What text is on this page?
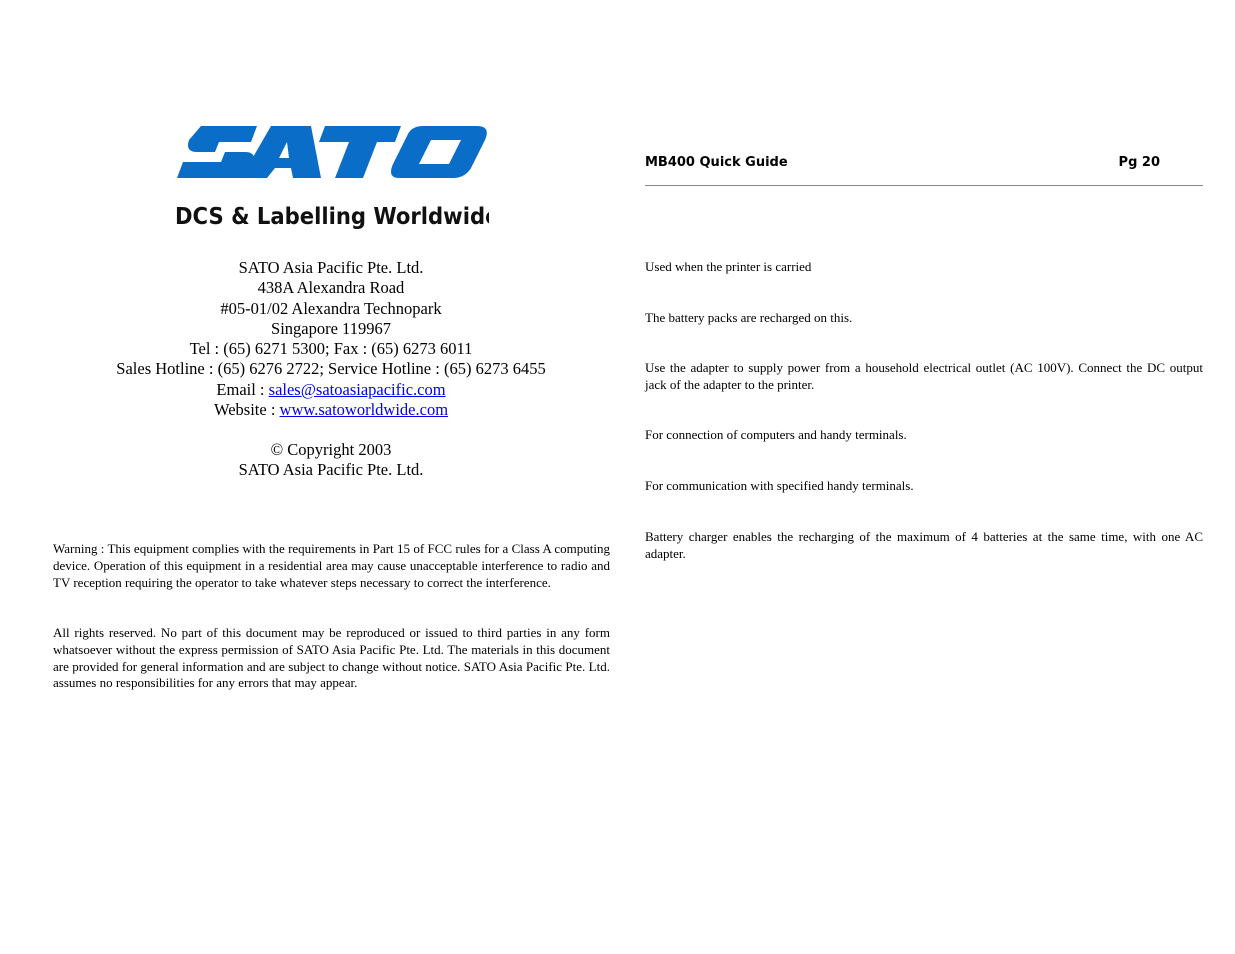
DCS & Labelling Worldwide
SATO Asia Pacific Pte. Ltd.
438A Alexandra Road
#05-01/02 Alexandra Technopark
Singapore 119967
Tel : (65) 6271 5300; Fax : (65) 6273 6011
Sales Hotline : (65) 6276 2722; Service Hotline : (65) 6273 6455
Email : sales@satoasiapacific.com
Website : www.satoworldwide.com
© Copyright 2003
SATO Asia Pacific Pte. Ltd.

Warning : This equipment complies with the requirements in Part 15 of FCC rules for a Class A computing device. Operation of this equipment in a residential area may cause unacceptable interference to radio and TV reception requiring the operator to take whatever steps necessary to correct the interference.

All rights reserved. No part of this document may be reproduced or issued to third parties in any form whatsoever without the express permission of SATO Asia Pacific Pte. Ltd. The materials in this document are provided for general information and are subject to change without notice. SATO Asia Pacific Pte. Ltd. assumes no responsibilities for any errors that may appear.

MB400 Quick Guide	Pg 20

Used when the printer is carried

The battery packs are recharged on this.

Use the adapter to supply power from a household electrical outlet (AC 100V). Connect the DC output jack of the adapter to the printer.

For connection of computers and handy terminals.

For communication with specified handy terminals.

Battery charger enables the recharging of the maximum of 4 batteries at the same time, with one AC adapter.
